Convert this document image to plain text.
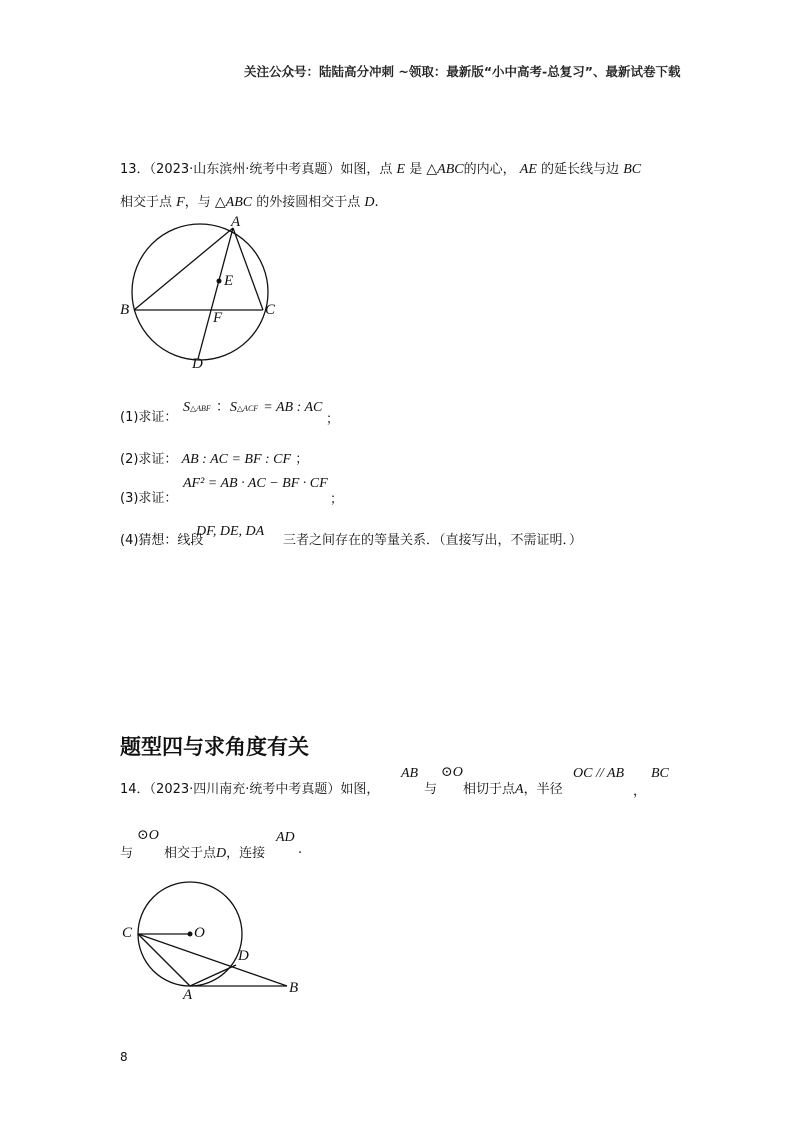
关注公众号：陆陆高分冲刺 ~领取：最新版“小中高考-总复习”、最新试卷下载
13．（2023·山东滨州·统考中考真题）如图，点 E 是 △ABC的内心， AE 的延长线与边 BC
相交于点 F，与 △ABC 的外接圆相交于点 D.
A
B	C
D
E
F
(1)求证：
S△ABF ：S△ACF = AB : AC
；
(2)求证： AB : AC = BF : CF ；
(3)求证：
AF² = AB · AC − BF · CF
；
(4)猜想：线段
DF, DE, DA
三者之间存在的等量关系．（直接写出，不需证明．）
题型四与求角度有关
14．（2023·四川南充·统考中考真题）如图，
AB
与
⊙O
相切于点A，半径
OC // AB
，
BC
与
⊙O
相交于点D，连接
AD
.
C	O
D
A	B
8
